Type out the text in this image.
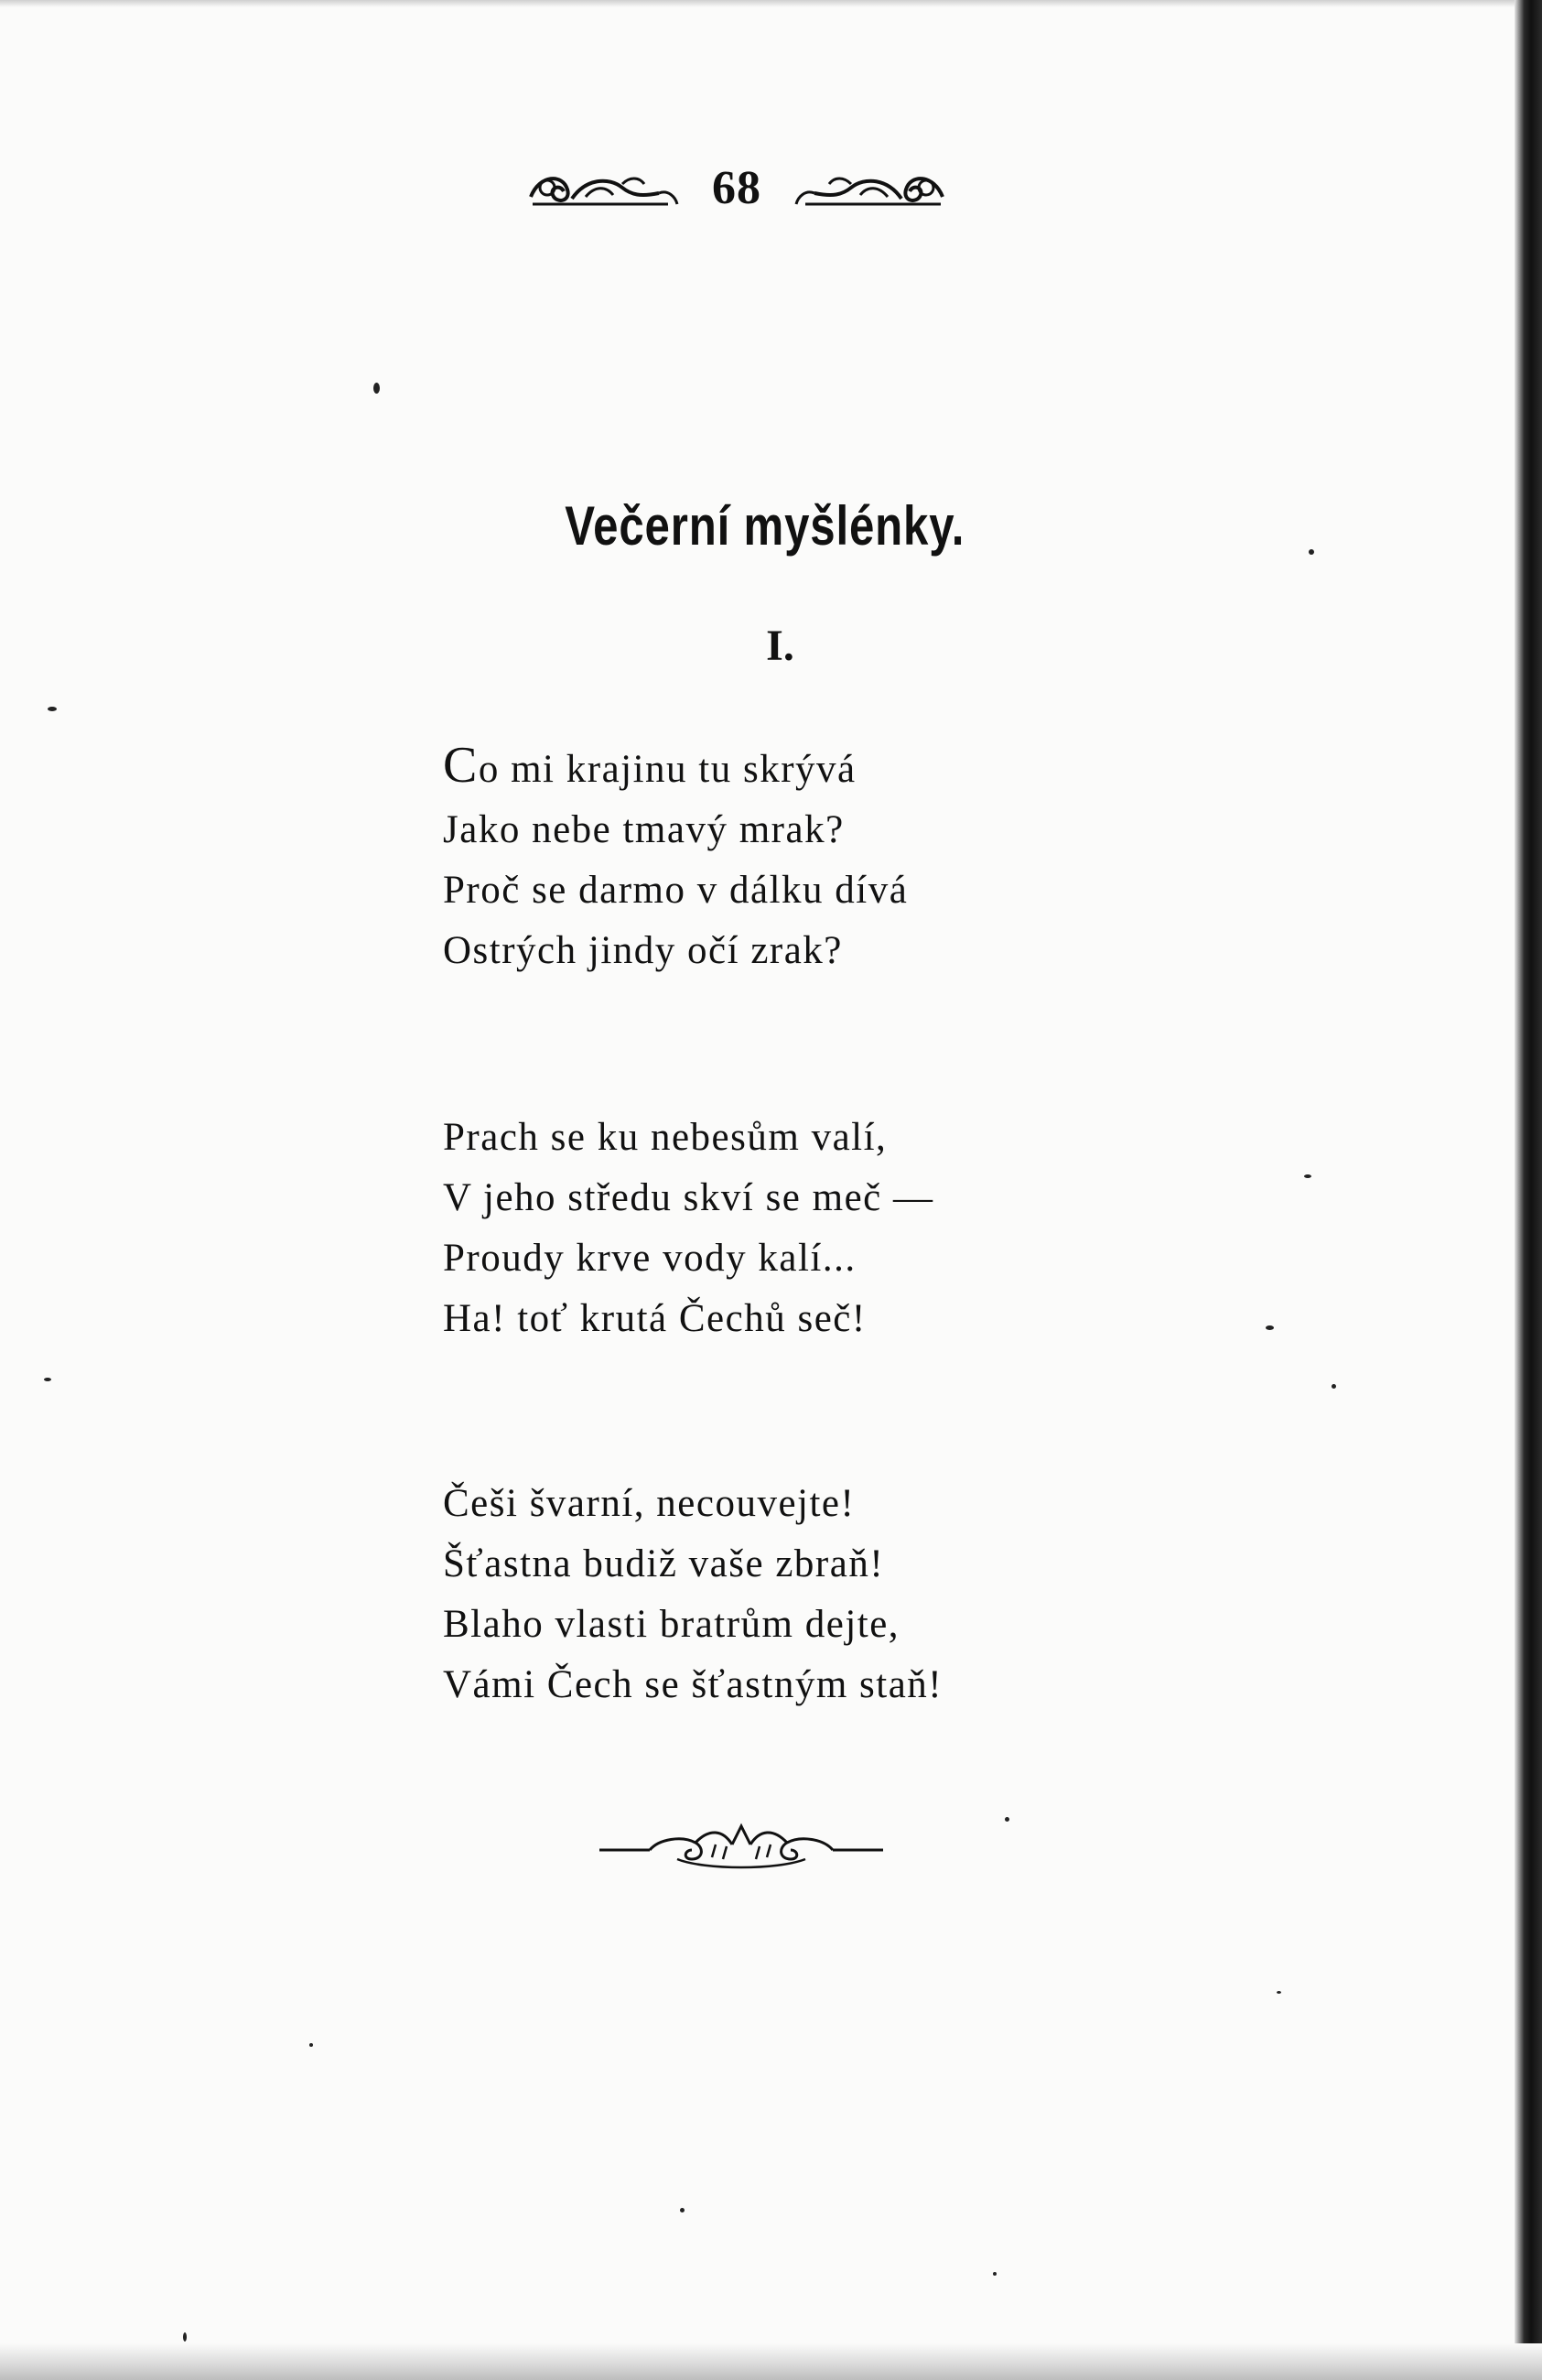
68
Večerní myšlénky.
I.
Co mi krajinu tu skrývá
Jako nebe tmavý mrak?
Proč se darmo v dálku dívá
Ostrých jindy očí zrak?
Prach se ku nebesům valí,
V jeho středu skví se meč —
Proudy krve vody kalí...
Ha! toť krutá Čechů seč!
Češi švarní, necouvejte!
Šťastna budiž vaše zbraň!
Blaho vlasti bratrům dejte,
Vámi Čech se šťastným staň!
